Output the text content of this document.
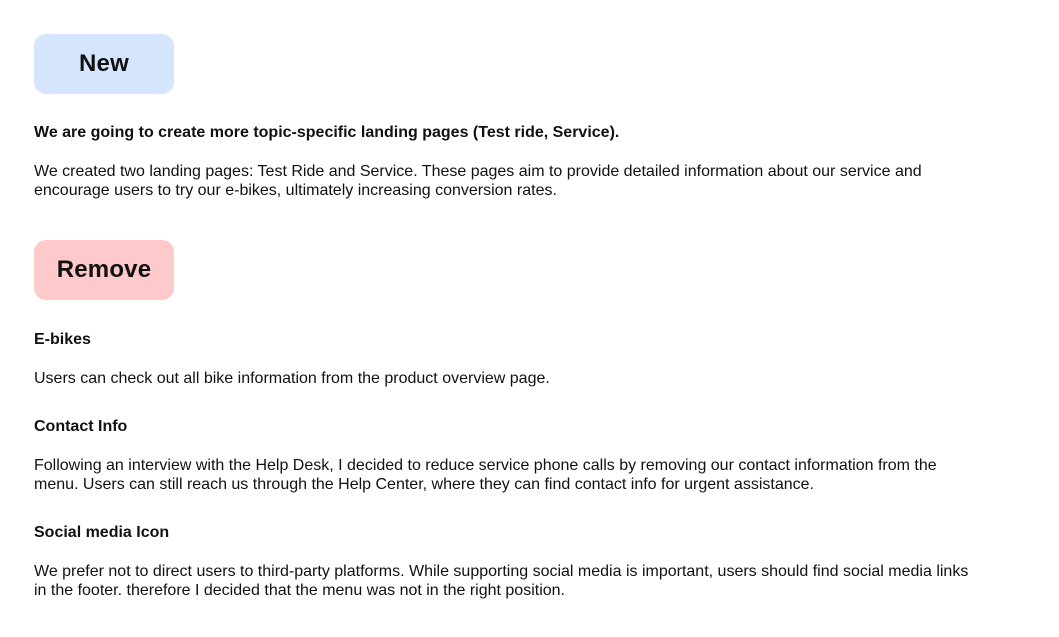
New

We are going to create more topic-specific landing pages (Test ride, Service).

We created two landing pages: Test Ride and Service. These pages aim to provide detailed information about our service and encourage users to try our e-bikes, ultimately increasing conversion rates.

Remove

E-bikes

Users can check out all bike information from the product overview page.

Contact Info

Following an interview with the Help Desk, I decided to reduce service phone calls by removing our contact information from the menu. Users can still reach us through the Help Center, where they can find contact info for urgent assistance.

Social media Icon

We prefer not to direct users to third-party platforms. While supporting social media is important, users should find social media links in the footer. therefore I decided that the menu was not in the right position.
